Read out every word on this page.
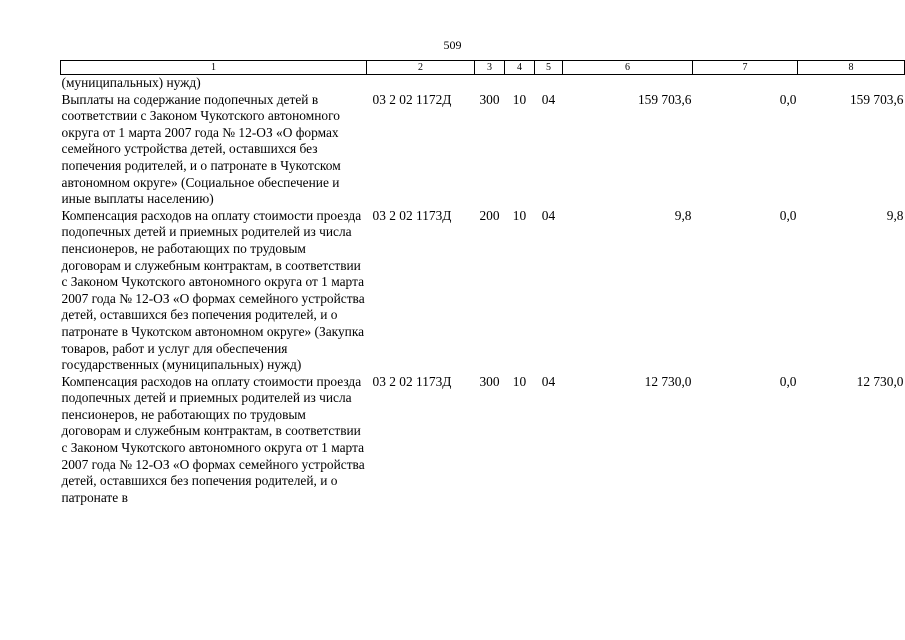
509
1	2	3	4	5	6	7	8
(муниципальных) нужд)							
Выплаты на содержание подопечных детей в соответствии с Законом Чукотского автономного округа от 1 марта 2007 года № 12-ОЗ «О формах семейного устройства детей, оставшихся без попечения родителей, и о патронате в Чукотском автономном округе» (Социальное обеспечение и иные выплаты населению)	03 2 02 1172Д	300	10	04	159 703,6	0,0	159 703,6
Компенсация расходов на оплату стоимости проезда подопечных детей и приемных родителей из числа пенсионеров, не работающих по трудовым договорам и служебным контрактам, в соответствии с Законом Чукотского автономного округа от 1 марта 2007 года № 12-ОЗ «О формах семейного устройства детей, оставшихся без попечения родителей, и о патронате в Чукотском автономном округе» (Закупка товаров, работ и услуг для обеспечения государственных (муниципальных) нужд)	03 2 02 1173Д	200	10	04	9,8	0,0	9,8
Компенсация расходов на оплату стоимости проезда подопечных детей и приемных родителей из числа пенсионеров, не работающих по трудовым договорам и служебным контрактам, в соответствии с Законом Чукотского автономного округа от 1 марта 2007 года № 12-ОЗ «О формах семейного устройства детей, оставшихся без попечения родителей, и о патронате в	03 2 02 1173Д	300	10	04	12 730,0	0,0	12 730,0
